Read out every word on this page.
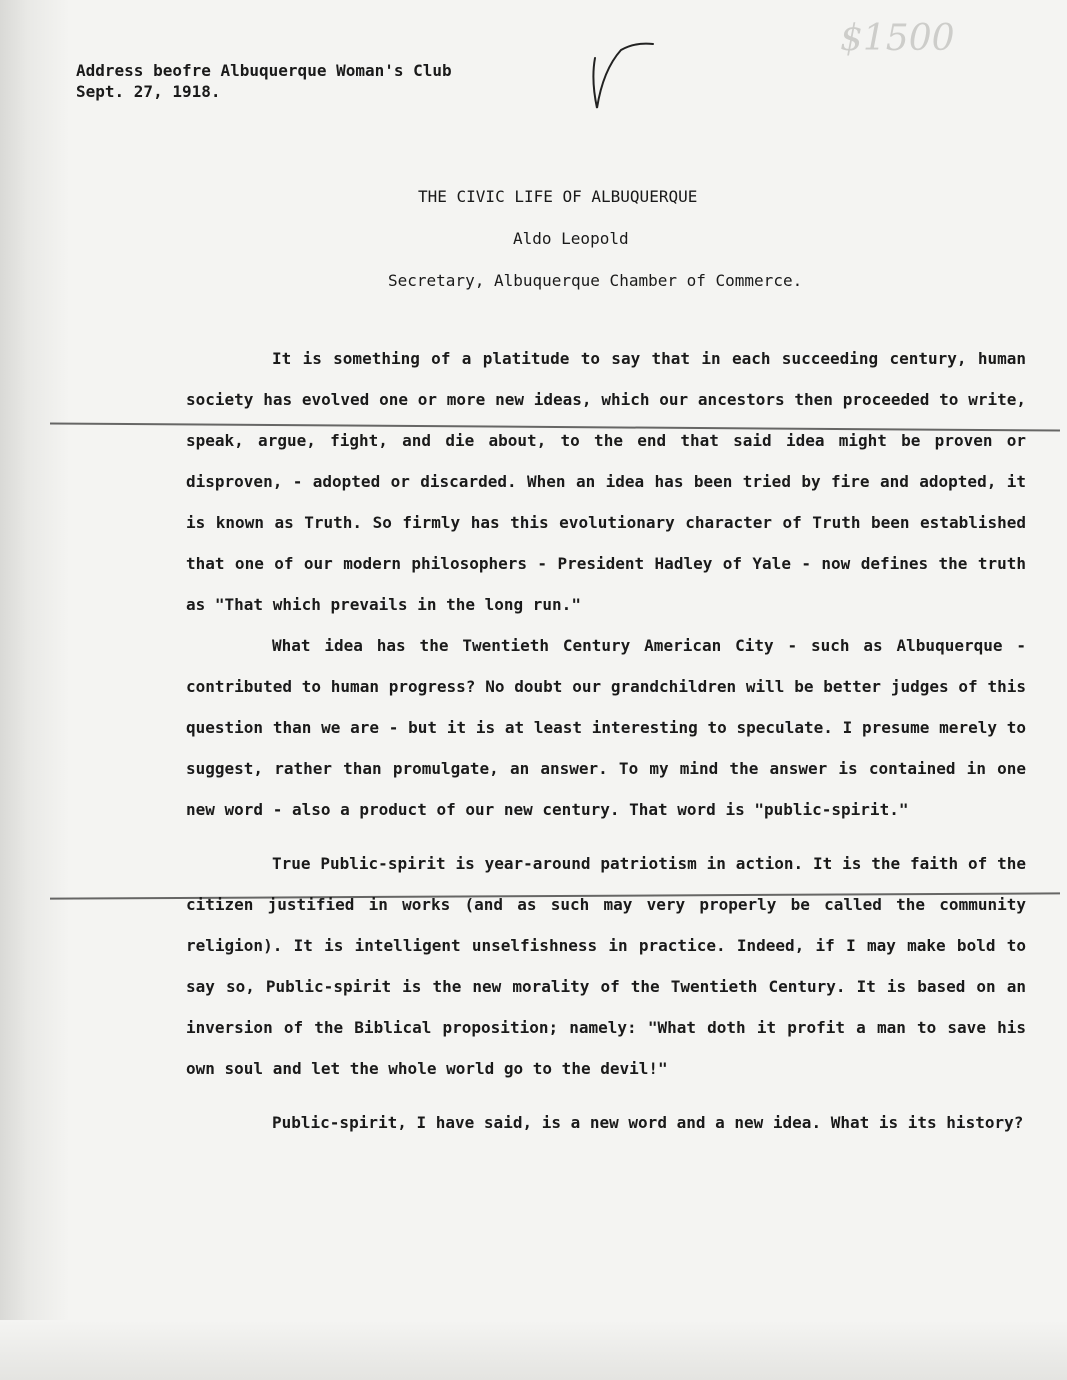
$1500
Address beofre Albuquerque Woman's Club
Sept. 27, 1918.
THE CIVIC LIFE OF ALBUQUERQUE
Aldo Leopold
Secretary, Albuquerque Chamber of Commerce.

It is something of a platitude to say that in each succeeding century, human society has evolved one or more new ideas, which our ancestors then proceeded to write, speak, argue, fight, and die about, to the end that said idea might be proven or disproven, - adopted or discarded. When an idea has been tried by fire and adopted, it is known as Truth. So firmly has this evolutionary character of Truth been established that one of our modern philosophers - President Hadley of Yale - now defines the truth as "That which prevails in the long run."

What idea has the Twentieth Century American City - such as Albuquerque - contributed to human progress? No doubt our grandchildren will be better judges of this question than we are - but it is at least interesting to speculate. I presume merely to suggest, rather than promulgate, an answer. To my mind the answer is contained in one new word - also a product of our new century. That word is "public-spirit."

True Public-spirit is year-around patriotism in action. It is the faith of the citizen justified in works (and as such may very properly be called the community religion). It is intelligent unselfishness in practice. Indeed, if I may make bold to say so, Public-spirit is the new morality of the Twentieth Century. It is based on an inversion of the Biblical proposition; namely: "What doth it profit a man to save his own soul and let the whole world go to the devil!"

Public-spirit, I have said, is a new word and a new idea. What is its history?
